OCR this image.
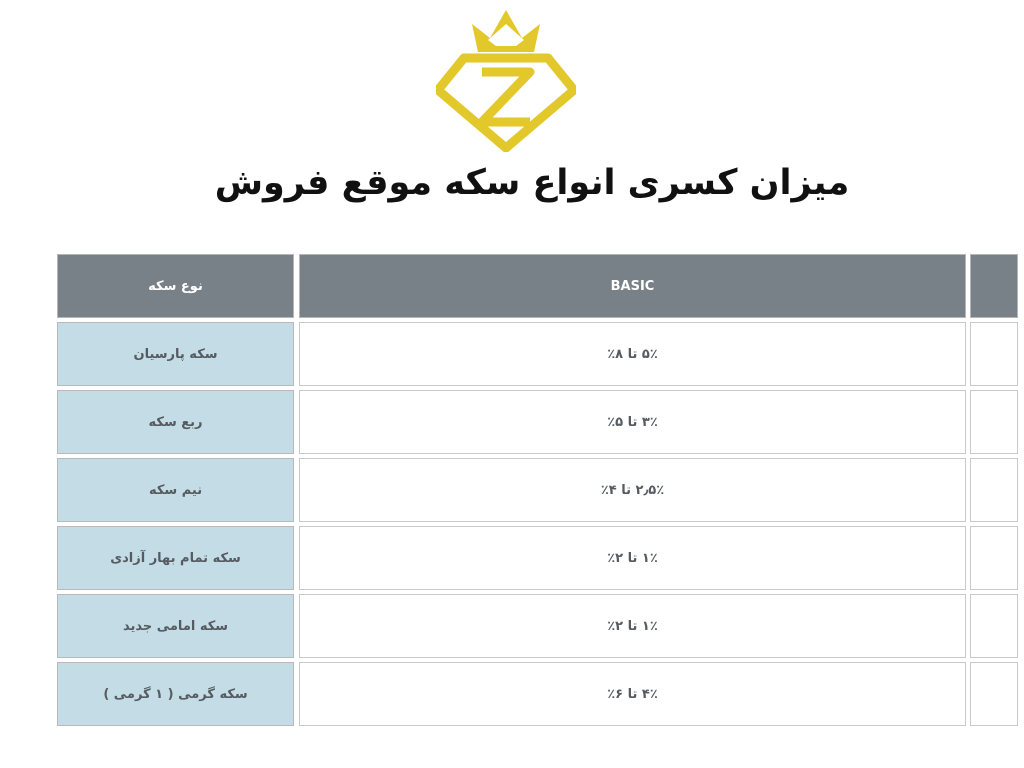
میزان کسری انواع سکه موقع فروش
نوع سکه	BASIC
سکه پارسیان	۵٪ تا ۸٪
ربع سکه	۳٪ تا ۵٪
نیم سکه	۲٫۵٪ تا ۴٪
سکه تمام بهار آزادی	۱٪ تا ۲٪
سکه امامی جدید	۱٪ تا ۲٪
سکه گرمی ( ۱ گرمی )	۴٪ تا ۶٪
